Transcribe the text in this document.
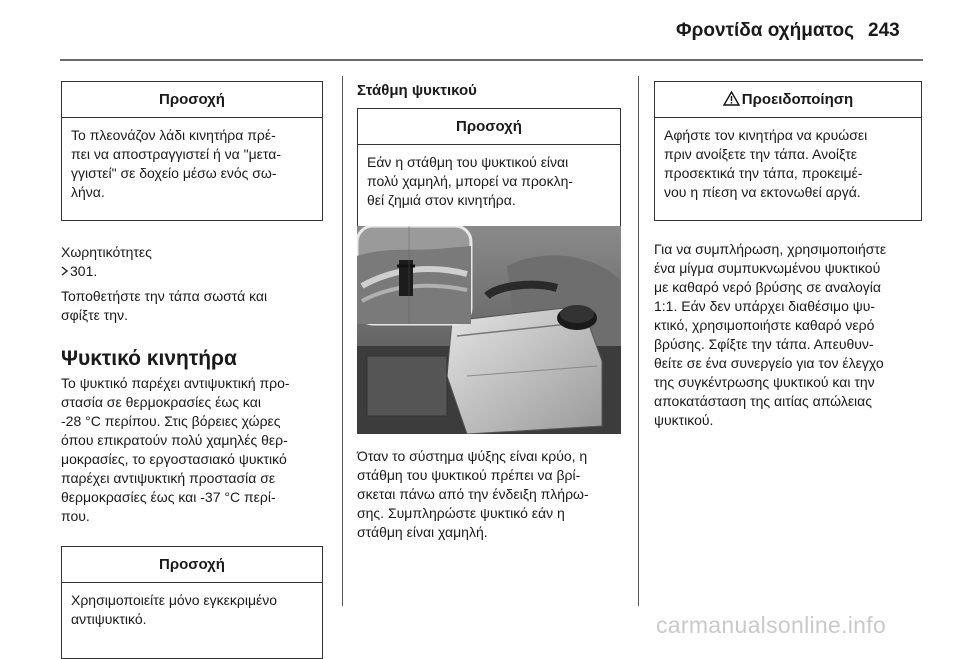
Φροντίδα οχήματος 243
Προσοχή
Το πλεονάζον λάδι κινητήρα πρέ-
πει να αποστραγγιστεί ή να "μετα-
γγιστεί" σε δοχείο μέσω ενός σω-
λήνα.

Χωρητικότητες
301.

Τοποθετήστε την τάπα σωστά και
σφίξτε την.

Ψυκτικό κινητήρα

Το ψυκτικό παρέχει αντιψυκτική προ-
στασία σε θερμοκρασίες έως και
-28 °C περίπου. Στις βόρειες χώρες
όπου επικρατούν πολύ χαμηλές θερ-
μοκρασίες, το εργοστασιακό ψυκτικό
παρέχει αντιψυκτική προστασία σε
θερμοκρασίες έως και -37 °C περί-
που.

Προσοχή
Χρησιμοποιείτε μόνο εγκεκριμένο
αντιψυκτικό.
Στάθμη ψυκτικού
Προσοχή
Εάν η στάθμη του ψυκτικού είναι
πολύ χαμηλή, μπορεί να προκλη-
θεί ζημιά στον κινητήρα.

Όταν το σύστημα ψύξης είναι κρύο, η
στάθμη του ψυκτικού πρέπει να βρί-
σκεται πάνω από την ένδειξη πλήρω-
σης. Συμπληρώστε ψυκτικό εάν η
στάθμη είναι χαμηλή.

Προειδοποίηση
Αφήστε τον κινητήρα να κρυώσει
πριν ανοίξετε την τάπα. Ανοίξτε
προσεκτικά την τάπα, προκειμέ-
νου η πίεση να εκτονωθεί αργά.

Για να συμπλήρωση, χρησιμοποιήστε
ένα μίγμα συμπυκνωμένου ψυκτικού
με καθαρό νερό βρύσης σε αναλογία
1:1. Εάν δεν υπάρχει διαθέσιμο ψυ-
κτικό, χρησιμοποιήστε καθαρό νερό
βρύσης. Σφίξτε την τάπα. Απευθυν-
θείτε σε ένα συνεργείο για τον έλεγχο
της συγκέντρωσης ψυκτικού και την
αποκατάσταση της αιτίας απώλειας
ψυκτικού.

carmanualsonline.info
